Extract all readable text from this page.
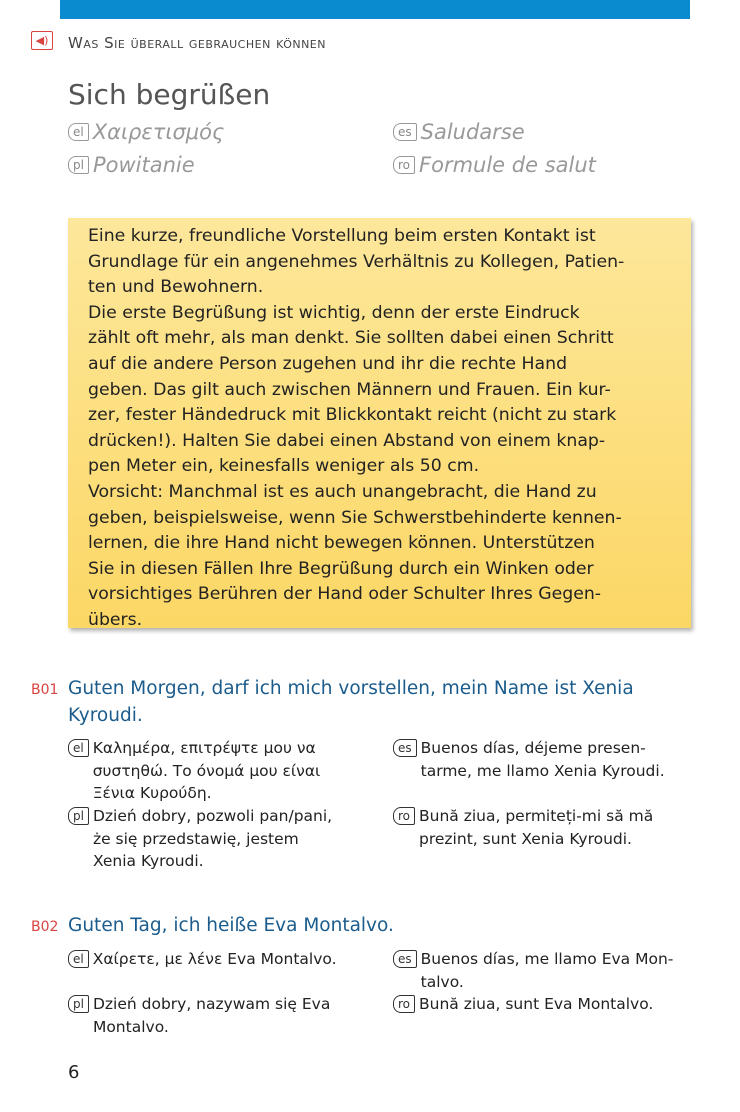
◀)	Was Sie überall gebrauchen können
Sich begrüßen
el Χαιρετισμός	es Saludarse
pl Powitanie	ro Formule de salut
Eine kurze, freundliche Vorstellung beim ersten Kontakt ist
Grundlage für ein angenehmes Verhältnis zu Kollegen, Patien-
ten und Bewohnern.
Die erste Begrüßung ist wichtig, denn der erste Eindruck
zählt oft mehr, als man denkt. Sie sollten dabei einen Schritt
auf die andere Person zugehen und ihr die rechte Hand
geben. Das gilt auch zwischen Männern und Frauen. Ein kur-
zer, fester Händedruck mit Blickkontakt reicht (nicht zu stark
drücken!). Halten Sie dabei einen Abstand von einem knap-
pen Meter ein, keinesfalls weniger als 50 cm.
Vorsicht: Manchmal ist es auch unangebracht, die Hand zu
geben, beispielsweise, wenn Sie Schwerstbehinderte kennen-
lernen, die ihre Hand nicht bewegen können. Unterstützen
Sie in diesen Fällen Ihre Begrüßung durch ein Winken oder
vorsichtiges Berühren der Hand oder Schulter Ihres Gegen-
übers.
B01 Guten Morgen, darf ich mich vorstellen, mein Name ist Xenia Kyroudi.
el Καλημέρα, επιτρέψτε μου να
συστηθώ. Το όνομά μου είναι
Ξένια Κυρούδη.
es Buenos días, déjeme presen-
tarme, me llamo Xenia Kyroudi.
pl Dzień dobry, pozwoli pan/pani,
że się przedstawię, jestem
Xenia Kyroudi.
ro Bună ziua, permiteți-mi să mă
prezint, sunt Xenia Kyroudi.
B02 Guten Tag, ich heiße Eva Montalvo.
el Χαίρετε, με λένε Eva Montalvo.	es Buenos días, me llamo Eva Mon-
talvo.
pl Dzień dobry, nazywam się Eva
Montalvo.
ro Bună ziua, sunt Eva Montalvo.
6
